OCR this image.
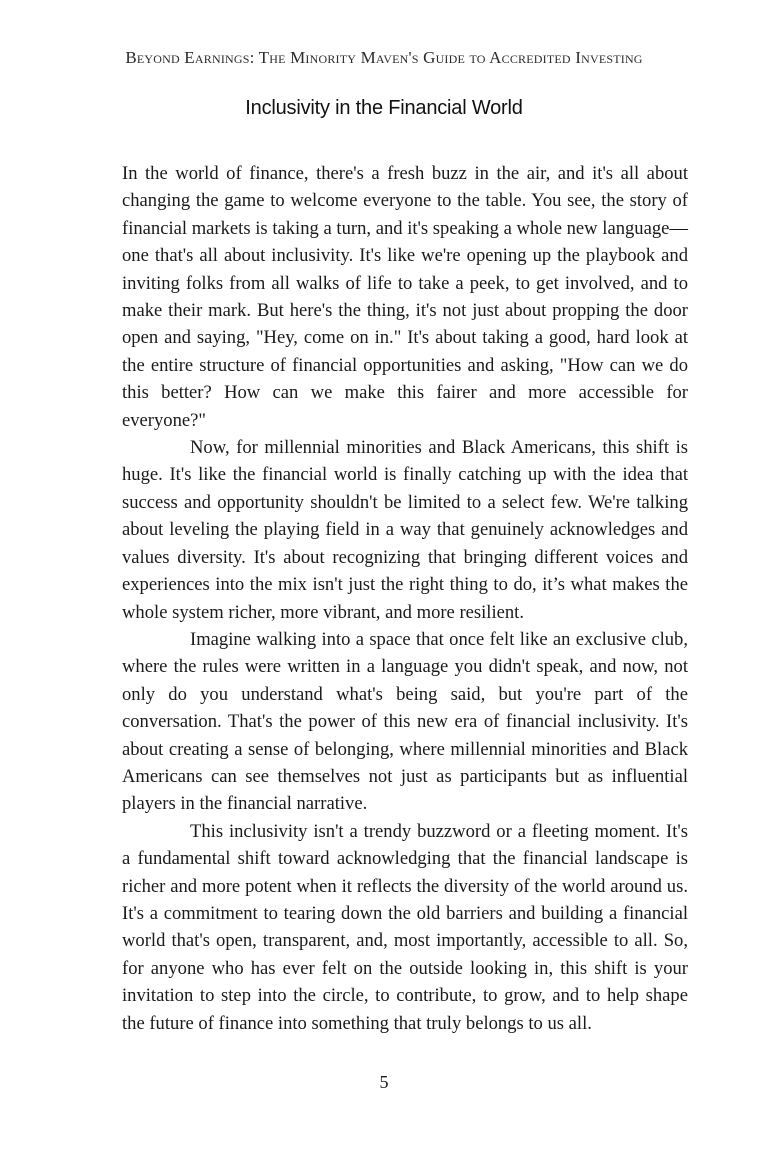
Beyond Earnings: The Minority Maven's Guide to Accredited Investing
Inclusivity in the Financial World

In the world of finance, there's a fresh buzz in the air, and it's all about changing the game to welcome everyone to the table. You see, the story of financial markets is taking a turn, and it's speaking a whole new language—one that's all about inclusivity. It's like we're opening up the playbook and inviting folks from all walks of life to take a peek, to get involved, and to make their mark. But here's the thing, it's not just about propping the door open and saying, "Hey, come on in." It's about taking a good, hard look at the entire structure of financial opportunities and asking, "How can we do this better? How can we make this fairer and more accessible for everyone?"

Now, for millennial minorities and Black Americans, this shift is huge. It's like the financial world is finally catching up with the idea that success and opportunity shouldn't be limited to a select few. We're talking about leveling the playing field in a way that genuinely acknowledges and values diversity. It's about recognizing that bringing different voices and experiences into the mix isn't just the right thing to do, it’s what makes the whole system richer, more vibrant, and more resilient.

Imagine walking into a space that once felt like an exclusive club, where the rules were written in a language you didn't speak, and now, not only do you understand what's being said, but you're part of the conversation. That's the power of this new era of financial inclusivity. It's about creating a sense of belonging, where millennial minorities and Black Americans can see themselves not just as participants but as influential players in the financial narrative.

This inclusivity isn't a trendy buzzword or a fleeting moment. It's a fundamental shift toward acknowledging that the financial landscape is richer and more potent when it reflects the diversity of the world around us. It's a commitment to tearing down the old barriers and building a financial world that's open, transparent, and, most importantly, accessible to all. So, for anyone who has ever felt on the outside looking in, this shift is your invitation to step into the circle, to contribute, to grow, and to help shape the future of finance into something that truly belongs to us all.

5
